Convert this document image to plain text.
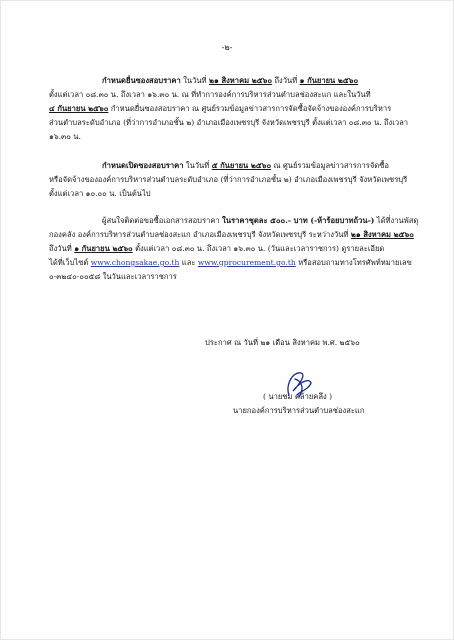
-๒-
กำหนดยื่นซองสอบราคา ในวันที่ ๒๑ สิงหาคม ๒๕๖๐ ถึงวันที่ ๑ กันยายน ๒๕๖๐
ตั้งแต่เวลา ๐๘.๓๐ น. ถึงเวลา ๑๖.๓๐ น. ณ ที่ทำการองค์การบริหารส่วนตำบลช่องสะแก และในวันที่
๔ กันยายน ๒๕๖๐ กำหนดยื่นซองสอบราคา ณ ศูนย์รวมข้อมูลข่าวสารการจัดซื้อจัดจ้างขององค์การบริหาร
ส่วนตำบลระดับอำเภอ (ที่ว่าการอำเภอชั้น ๒) อำเภอเมืองเพชรบุรี จังหวัดเพชรบุรี ตั้งแต่เวลา ๐๘.๓๐ น. ถึงเวลา
๑๖.๓๐ น.
กำหนดเปิดซองสอบราคา ในวันที่ ๕ กันยายน ๒๕๖๐ ณ ศูนย์รวมข้อมูลข่าวสารการจัดซื้อ
หรือจัดจ้างขององค์การบริหารส่วนตำบลระดับอำเภอ (ที่ว่าการอำเภอชั้น ๒) อำเภอเมืองเพชรบุรี จังหวัดเพชรบุรี
ตั้งแต่เวลา ๑๐.๐๐ น. เป็นต้นไป
ผู้สนใจติดต่อขอซื้อเอกสารสอบราคา ในราคาชุดละ ๕๐๐.- บาท (-ห้าร้อยบาทถ้วน-) ได้ที่งานพัสดุ
กองคลัง องค์การบริหารส่วนตำบลช่องสะแก อำเภอเมืองเพชรบุรี จังหวัดเพชรบุรี ระหว่างวันที่ ๒๑ สิงหาคม ๒๕๖๐
ถึงวันที่ ๑ กันยายน ๒๕๖๐ ตั้งแต่เวลา ๐๘.๓๐ น. ถึงเวลา ๑๖.๓๐ น. (วันและเวลาราชการ) ดูรายละเอียด
ได้ที่เว็บไซต์ www.chongsakae.go.th และ www.gprocurement.go.th หรือสอบถามทางโทรศัพท์หมายเลข
๐-๓๒๔๐-๐๐๕๘ ในวันและเวลาราชการ
ประกาศ ณ วันที่ ๒๑ เดือน สิงหาคม พ.ศ. ๒๕๖๐
( นายชม คล้ายคลึง )
นายกองค์การบริหารส่วนตำบลช่องสะแก
